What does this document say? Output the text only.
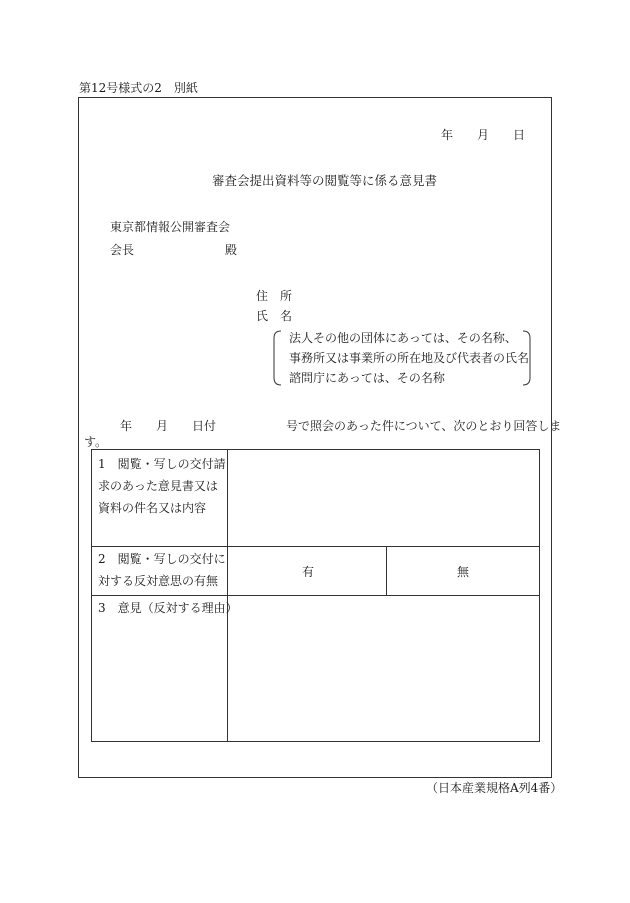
第12号様式の2　別紙
年　　月　　日
審査会提出資料等の閲覧等に係る意見書
東京都情報公開審査会
会長	殿
住　所
氏　名
法人その他の団体にあっては、その名称、
事務所又は事業所の所在地及び代表者の氏名
諮問庁にあっては、その名称
年　　月　　日付	号で照会のあった件について、次のとおり回答しま
す。
1　閲覧・写しの交付請
求のあった意見書又は
資料の件名又は内容
2　閲覧・写しの交付に
対する反対意思の有無
有	無
3　意見（反対する理由）
（日本産業規格A列4番）
